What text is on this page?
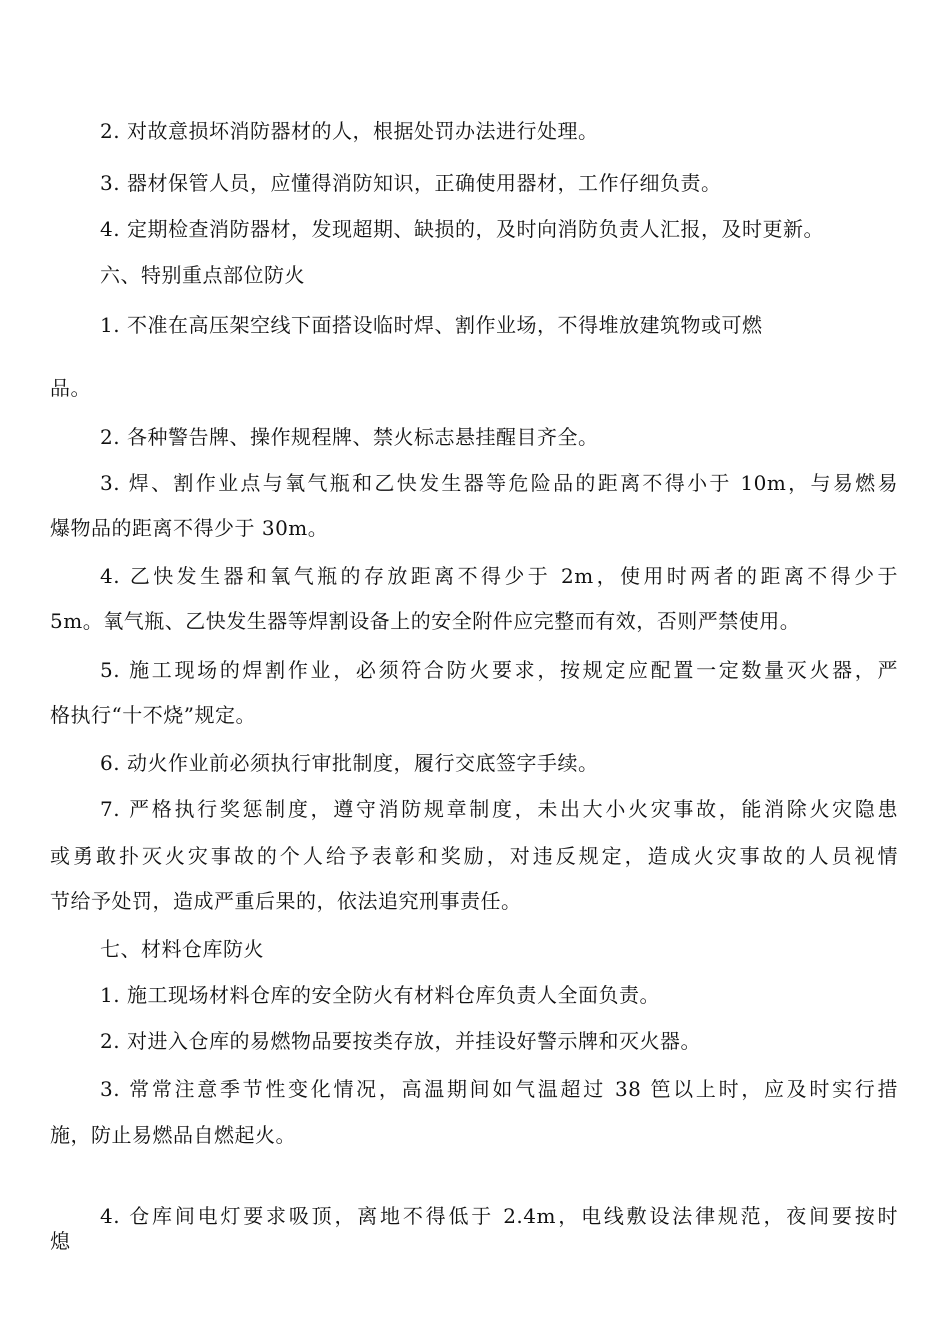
2. 对故意损坏消防器材的人，根据处罚办法进行处理。
3. 器材保管人员，应懂得消防知识，正确使用器材，工作仔细负责。
4. 定期检查消防器材，发现超期、缺损的，及时向消防负责人汇报，及时更新。
六、特别重点部位防火
1. 不准在高压架空线下面搭设临时焊、割作业场，不得堆放建筑物或可燃
品。
2. 各种警告牌、操作规程牌、禁火标志悬挂醒目齐全。
3. 焊、割作业点与氧气瓶和乙快发生器等危险品的距离不得小于 10m，与易燃易
爆物品的距离不得少于 30m。
4. 乙快发生器和氧气瓶的存放距离不得少于 2m，使用时两者的距离不得少于
5m。氧气瓶、乙快发生器等焊割设备上的安全附件应完整而有效，否则严禁使用。
5. 施工现场的焊割作业，必须符合防火要求，按规定应配置一定数量灭火器，严
格执行“十不烧”规定。
6. 动火作业前必须执行审批制度，履行交底签字手续。
7. 严格执行奖惩制度，遵守消防规章制度，未出大小火灾事故，能消除火灾隐患
或勇敢扑灭火灾事故的个人给予表彰和奖励，对违反规定，造成火灾事故的人员视情
节给予处罚，造成严重后果的，依法追究刑事责任。
七、材料仓库防火
1. 施工现场材料仓库的安全防火有材料仓库负责人全面负责。
2. 对进入仓库的易燃物品要按类存放，并挂设好警示牌和灭火器。
3. 常常注意季节性变化情况，高温期间如气温超过 38 笆以上时，应及时实行措
施，防止易燃品自燃起火。
4. 仓库间电灯要求吸顶，离地不得低于 2.4m，电线敷设法律规范，夜间要按时
熄
